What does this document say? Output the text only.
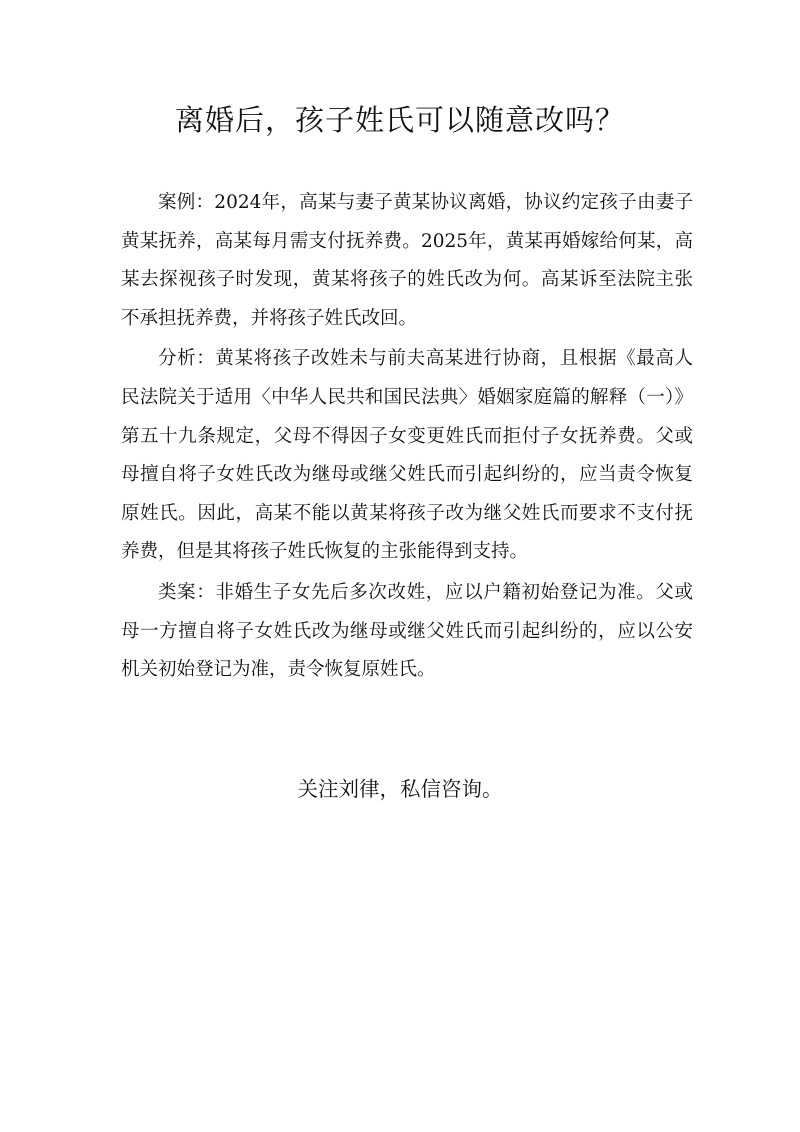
离婚后，孩子姓氏可以随意改吗？

案例：2024年，高某与妻子黄某协议离婚，协议约定孩子由妻子黄某抚养，高某每月需支付抚养费。2025年，黄某再婚嫁给何某，高某去探视孩子时发现，黄某将孩子的姓氏改为何。高某诉至法院主张不承担抚养费，并将孩子姓氏改回。

分析：黄某将孩子改姓未与前夫高某进行协商，且根据《最高人民法院关于适用〈中华人民共和国民法典〉婚姻家庭篇的解释（一）》第五十九条规定，父母不得因子女变更姓氏而拒付子女抚养费。父或母擅自将子女姓氏改为继母或继父姓氏而引起纠纷的，应当责令恢复原姓氏。因此，高某不能以黄某将孩子改为继父姓氏而要求不支付抚养费，但是其将孩子姓氏恢复的主张能得到支持。

类案：非婚生子女先后多次改姓，应以户籍初始登记为准。父或母一方擅自将子女姓氏改为继母或继父姓氏而引起纠纷的，应以公安机关初始登记为准，责令恢复原姓氏。

关注刘律，私信咨询。
